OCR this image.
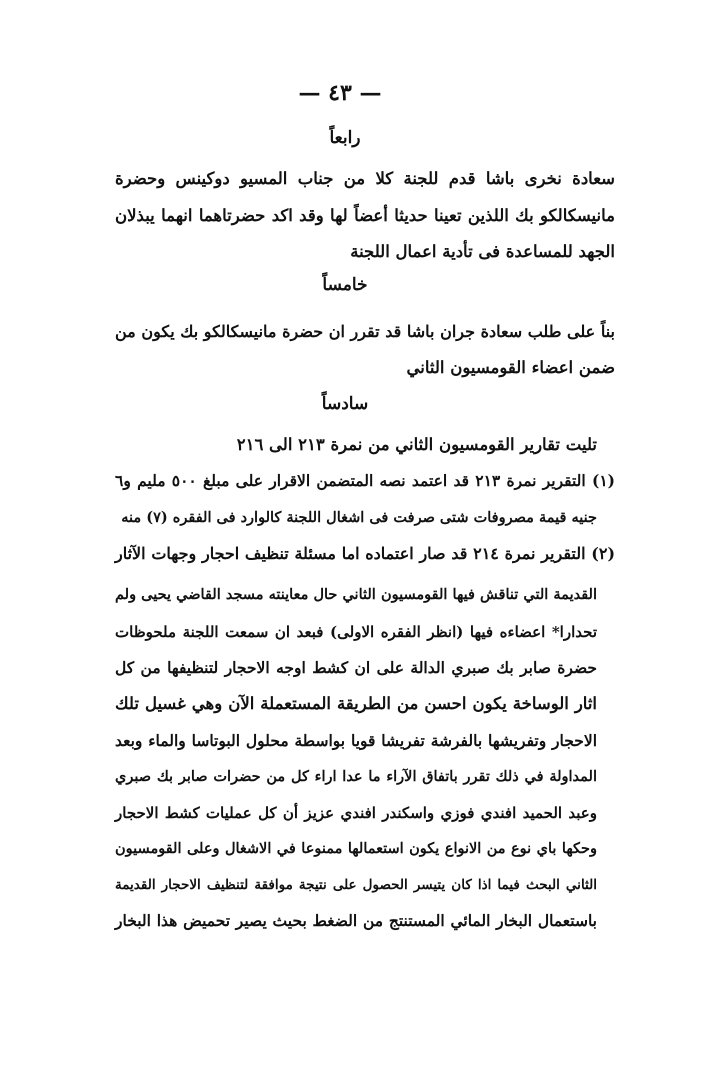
— ٤٣ —
رابعاً
سعادة نخرى باشا قدم للجنة كلا من جناب المسيو دوكينس وحضرة
مانيسكالكو بك اللذين تعينا حديثا أعضاً لها وقد اكد حضرتاهما انهما يبذلان
الجهد للمساعدة فى تأدية اعمال اللجنة
خامساً
بناً على طلب سعادة جران باشا قد تقرر ان حضرة مانيسكالكو بك يكون من
ضمن اعضاء القومسيون الثاني
سادساً
تليت تقارير القومسيون الثاني من نمرة ٢١٣ الى ٢١٦
(١) التقرير نمرة ٢١٣ قد اعتمد نصه المتضمن الاقرار على مبلغ ٥٠٠ مليم و٦
جنيه قيمة مصروفات شتى صرفت فى اشغال اللجنة كالوارد فى الفقره (٧) منه
(٢) التقرير نمرة ٢١٤ قد صار اعتماده اما مسئلة تنظيف احجار وجهات الآثار
القديمة التي تناقش فيها القومسيون الثاني حال معاينته مسجد القاضي يحيى ولم
تحدارا* اعضاءه فيها (انظر الفقره الاولى) فبعد ان سمعت اللجنة ملحوظات
حضرة صابر بك صبري الدالة على ان كشط اوجه الاحجار لتنظيفها من كل
اثار الوساخة يكون احسن من الطريقة المستعملة الآن وهي غسيل تلك
الاحجار وتفريشها بالفرشة تفريشا قويا بواسطة محلول البوتاسا والماء وبعد
المداولة في ذلك تقرر باتفاق الآراء ما عدا اراء كل من حضرات صابر بك صبري
وعبد الحميد افندي فوزي واسكندر افندي عزيز أن كل عمليات كشط الاحجار
وحكها باي نوع من الانواع يكون استعمالها ممنوعا في الاشغال وعلى القومسيون
الثاني البحث فيما اذا كان يتيسر الحصول على نتيجة موافقة لتنظيف الاحجار القديمة
باستعمال البخار المائي المستنتج من الضغط بحيث يصير تحميض هذا البخار
